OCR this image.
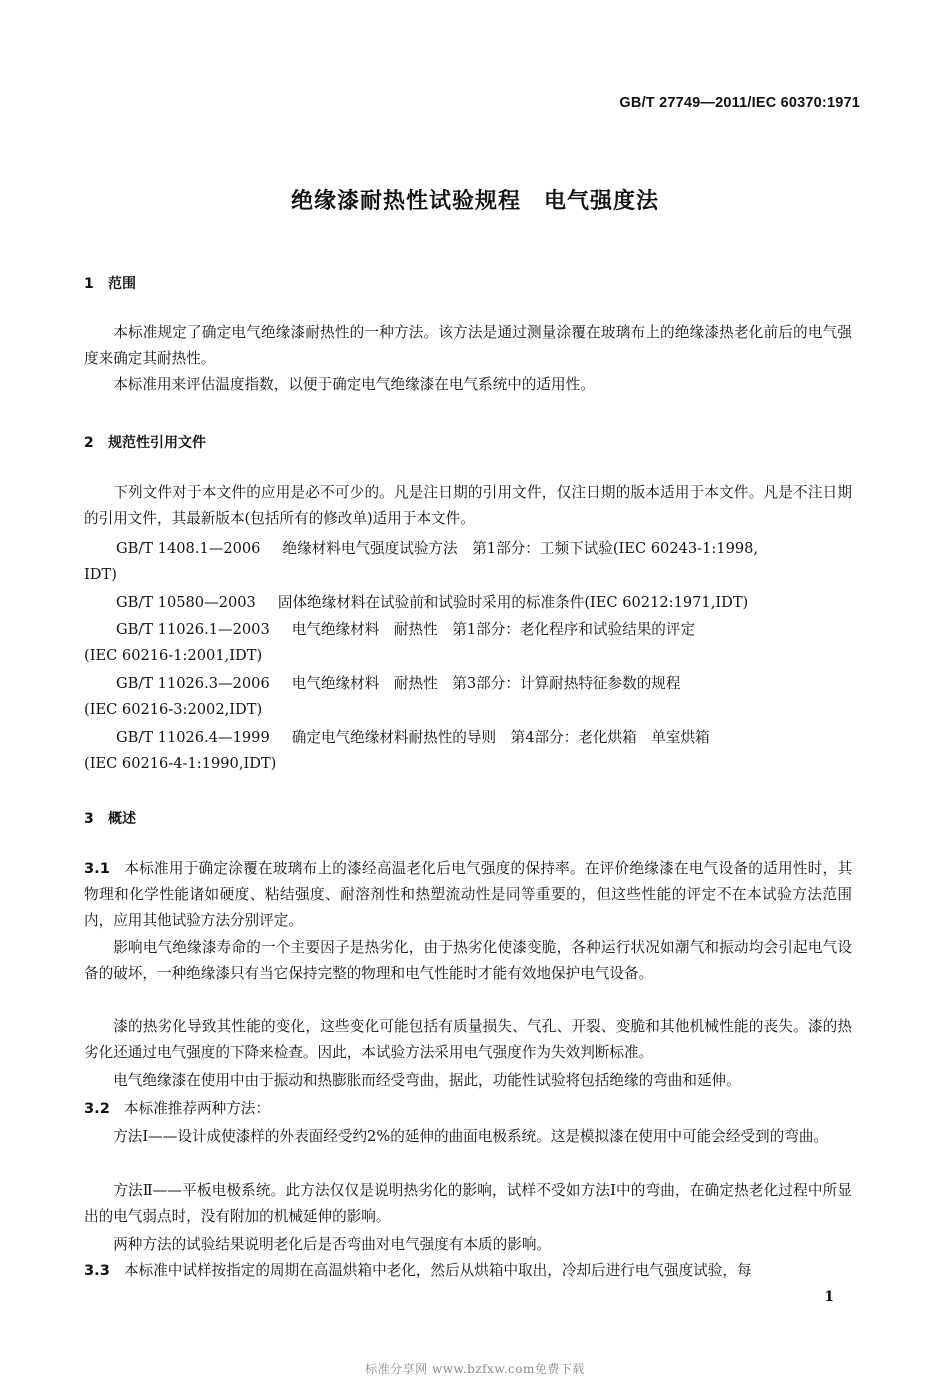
GB/T 27749—2011/IEC 60370:1971
绝缘漆耐热性试验规程　电气强度法
1 范围

本标准规定了确定电气绝缘漆耐热性的一种方法。该方法是通过测量涂覆在玻璃布上的绝缘漆热老化前后的电气强度来确定其耐热性。

本标准用来评估温度指数，以便于确定电气绝缘漆在电气系统中的适用性。

2 规范性引用文件

下列文件对于本文件的应用是必不可少的。凡是注日期的引用文件，仅注日期的版本适用于本文件。凡是不注日期的引用文件，其最新版本(包括所有的修改单)适用于本文件。

GB/T 1408.1—2006 绝缘材料电气强度试验方法　第1部分：工频下试验(IEC 60243-1:1998,
IDT)
GB/T 10580—2003 固体绝缘材料在试验前和试验时采用的标准条件(IEC 60212:1971,IDT)
GB/T 11026.1—2003 电气绝缘材料　耐热性　第1部分：老化程序和试验结果的评定
(IEC 60216-1:2001,IDT)
GB/T 11026.3—2006 电气绝缘材料　耐热性　第3部分：计算耐热特征参数的规程
(IEC 60216-3:2002,IDT)
GB/T 11026.4—1999 确定电气绝缘材料耐热性的导则　第4部分：老化烘箱　单室烘箱
(IEC 60216-4-1:1990,IDT)
3 概述

3.1 本标准用于确定涂覆在玻璃布上的漆经高温老化后电气强度的保持率。在评价绝缘漆在电气设备的适用性时，其物理和化学性能诸如硬度、粘结强度、耐溶剂性和热塑流动性是同等重要的，但这些性能的评定不在本试验方法范围内，应用其他试验方法分别评定。

影响电气绝缘漆寿命的一个主要因子是热劣化，由于热劣化使漆变脆，各种运行状况如潮气和振动均会引起电气设备的破坏，一种绝缘漆只有当它保持完整的物理和电气性能时才能有效地保护电气设备。

漆的热劣化导致其性能的变化，这些变化可能包括有质量损失、气孔、开裂、变脆和其他机械性能的丧失。漆的热劣化还通过电气强度的下降来检查。因此，本试验方法采用电气强度作为失效判断标准。

电气绝缘漆在使用中由于振动和热膨胀而经受弯曲，据此，功能性试验将包括绝缘的弯曲和延伸。

3.2 本标准推荐两种方法：

方法Ⅰ——设计成使漆样的外表面经受约2%的延伸的曲面电极系统。这是模拟漆在使用中可能会经受到的弯曲。

方法Ⅱ——平板电极系统。此方法仅仅是说明热劣化的影响，试样不受如方法Ⅰ中的弯曲，在确定热老化过程中所显出的电气弱点时，没有附加的机械延伸的影响。

两种方法的试验结果说明老化后是否弯曲对电气强度有本质的影响。

3.3 本标准中试样按指定的周期在高温烘箱中老化，然后从烘箱中取出，冷却后进行电气强度试验，每

1
标准分享网 www.bzfxw.com免费下载
